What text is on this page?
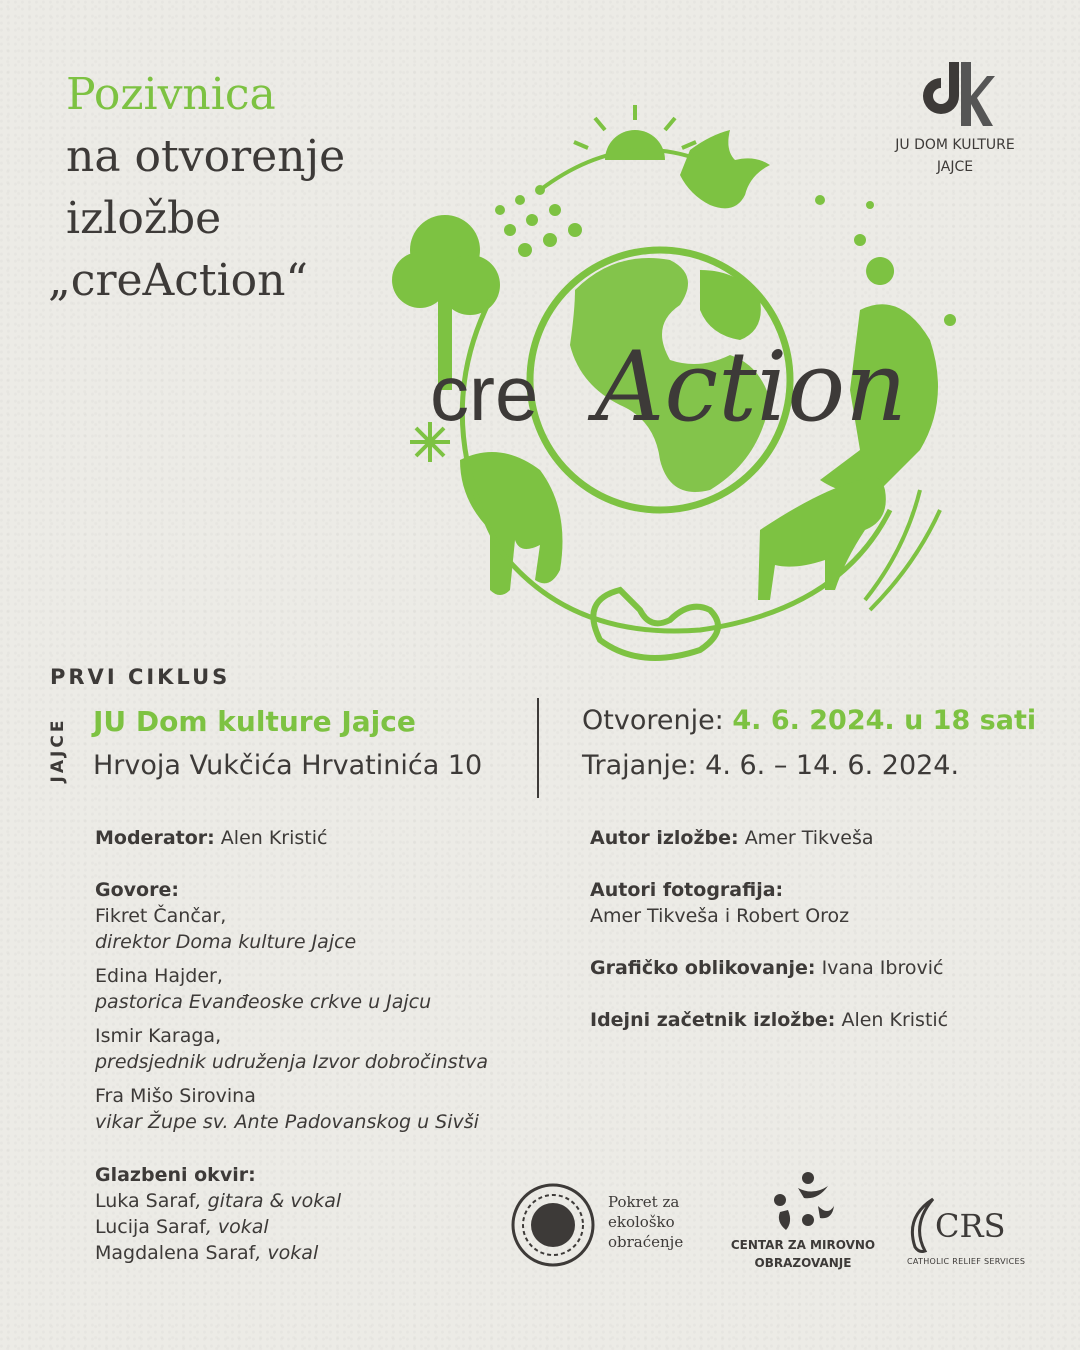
Pozivnica
na otvorenje
izložbe
„creAction“
JU DOM KULTURE
JAJCE
cre Action
PRVI CIKLUS
JAJCE JU Dom kulture Jajce
Hrvoja Vukčića Hrvatinića 10
Otvorenje: 4. 6. 2024. u 18 sati
Trajanje: 4. 6. – 14. 6. 2024.
Moderator: Alen Kristić
Govore:
Fikret Čančar,
direktor Doma kulture Jajce
Edina Hajder,
pastorica Evanđeoske crkve u Jajcu
Ismir Karaga,
predsjednik udruženja Izvor dobročinstva
Fra Mišo Sirovina
vikar Župe sv. Ante Padovanskog u Sivši
Glazbeni okvir:
Luka Saraf, gitara & vokal
Lucija Saraf, vokal
Magdalena Saraf, vokal
Autor izložbe: Amer Tikveša
Autori fotografija:
Amer Tikveša i Robert Oroz
Grafičko oblikovanje: Ivana Ibrović
Idejni začetnik izložbe: Alen Kristić
Pokret za
ekološko
obraćenje	CENTAR ZA MIROVNO
OBRAZOVANJE
CRS
CATHOLIC RELIEF SERVICES
